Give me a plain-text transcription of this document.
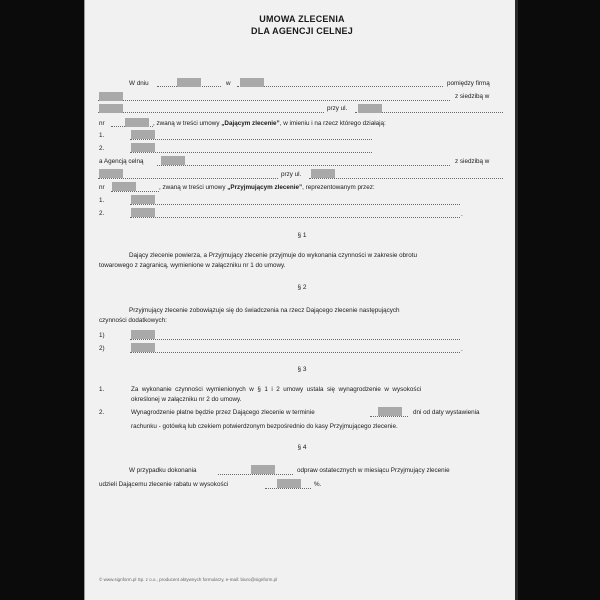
UMOWA ZLECENIA
DLA AGENCJI CELNEJ
W dniu	w	pomiędzy firmą
z siedzibą w
przy ul.
nr	, zwaną w treści umowy „Dającym zlecenie”, w imieniu i na rzecz którego działają:
1.
2.
a Agencją celną	z siedzibą w
przy ul.
nr	, zwaną w treści umowy „Przyjmującym zlecenie”, reprezentowanym przez:
1.
2.	.
§ 1
Dający zlecenie powierza, a Przyjmujący zlecenie przyjmuje do wykonania czynności w zakresie obrotu
towarowego z zagranicą, wymienione w załączniku nr 1 do umowy.
§ 2
Przyjmujący zlecenie zobowiązuje się do świadczenia na rzecz Dającego zlecenie następujących
czynności dodatkowych:
1)
2)	.
§ 3
1.	Za  wykonanie  czynności  wymienionych  w  §  1  i  2  umowy  ustala  się  wynagrodzenie  w  wysokości
określonej w załączniku nr 2 do umowy.
2.	Wynagrodzenie płatne będzie przez Dającego zlecenie w terminie	dni od daty wystawienia
rachunku - gotówką lub czekiem potwierdzonym bezpośrednio do kasy Przyjmującego zlecenie.
§ 4
W przypadku dokonania	odpraw ostatecznych w miesiącu Przyjmujący zlecenie
udzieli Dającemu zlecenie rabatu w wysokości	%.
© www.signform.pl Sp. z o.o., producent aktywnych formularzy, e-mail: biuro@signform.pl
